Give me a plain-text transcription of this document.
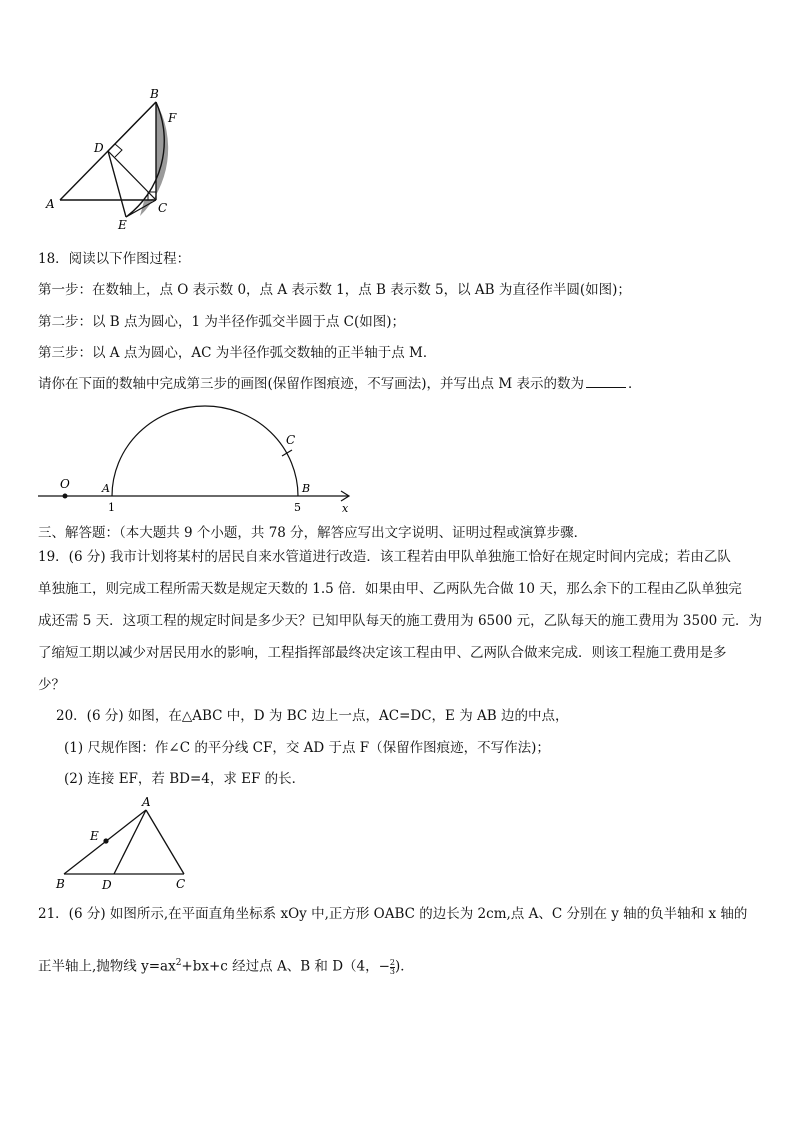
B
F
D
A	C
E
18．阅读以下作图过程：
第一步：在数轴上，点 O 表示数 0，点 A 表示数 1，点 B 表示数 5，以 AB 为直径作半圆(如图)；
第二步：以 B 点为圆心，1 为半径作弧交半圆于点 C(如图)；
第三步：以 A 点为圆心，AC 为半径作弧交数轴的正半轴于点 M．
请你在下面的数轴中完成第三步的画图(保留作图痕迹，不写画法)，并写出点 M 表示的数为	．
O	A	B
C
x
1	5
三、解答题：（本大题共 9 个小题，共 78 分，解答应写出文字说明、证明过程或演算步骤．
19．(6 分) 我市计划将某村的居民自来水管道进行改造．该工程若由甲队单独施工恰好在规定时间内完成；若由乙队
单独施工，则完成工程所需天数是规定天数的 1.5 倍．如果由甲、乙两队先合做 10 天，那么余下的工程由乙队单独完
成还需 5 天．这项工程的规定时间是多少天？已知甲队每天的施工费用为 6500 元，乙队每天的施工费用为 3500 元．为
了缩短工期以减少对居民用水的影响，工程指挥部最终决定该工程由甲、乙两队合做来完成．则该工程施工费用是多
少？
20．(6 分) 如图，在△ABC 中，D 为 BC 边上一点，AC=DC，E 为 AB 边的中点，
(1) 尺规作图：作∠C 的平分线 CF，交 AD 于点 F（保留作图痕迹，不写作法)；
(2) 连接 EF，若 BD=4，求 EF 的长．
A
E
B	D	C
21．(6 分) 如图所示,在平面直角坐标系 xOy 中,正方形 OABC 的边长为 2cm,点 A、C 分别在 y 轴的负半轴和 x 轴的
正半轴上,抛物线 $y=ax^2+bx+c$ 经过点 A、B 和 D（4，− $\frac{2}{3}$ )．
